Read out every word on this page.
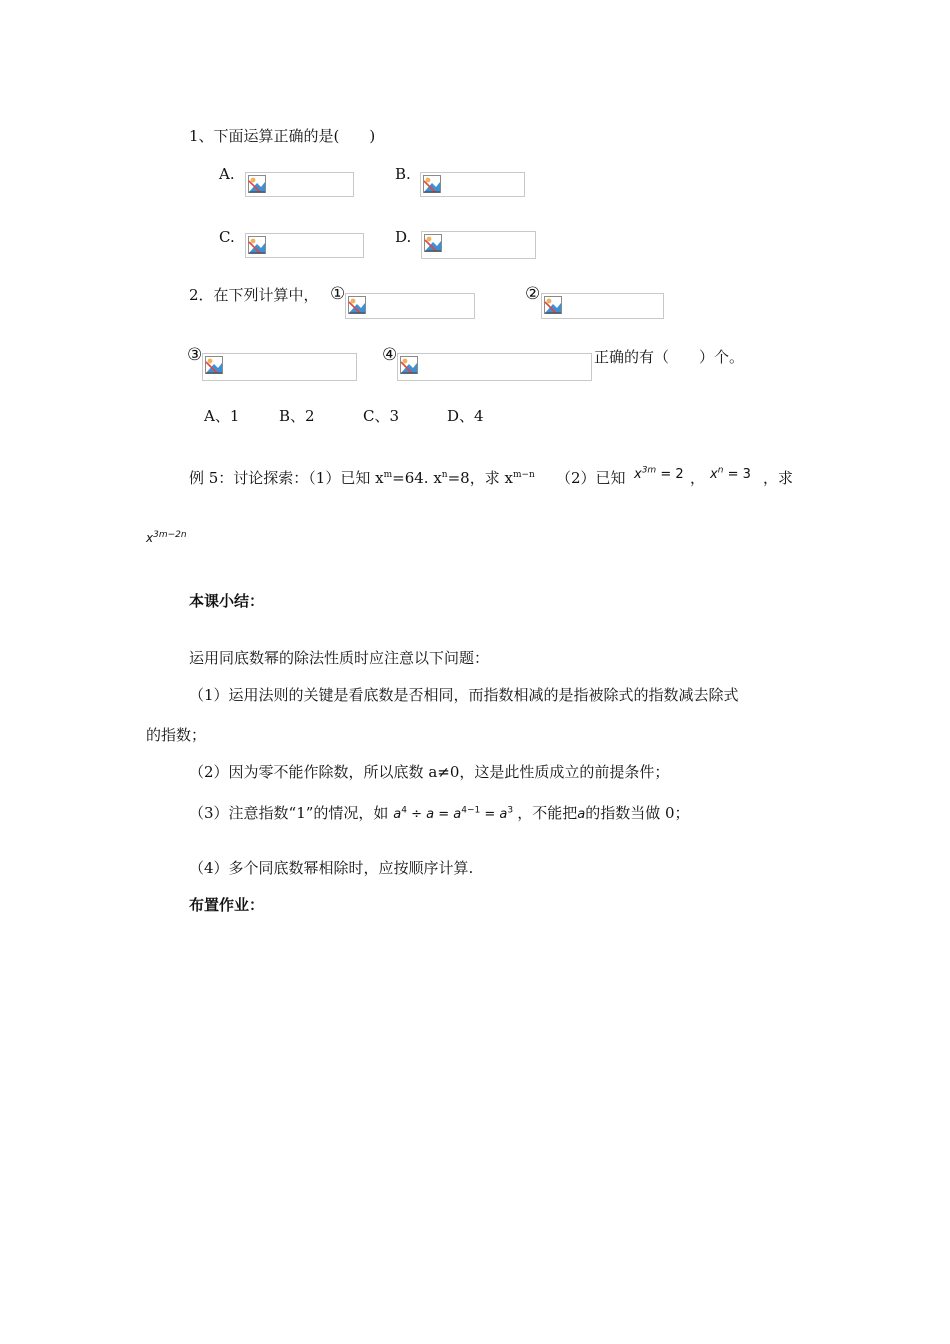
1、下面运算正确的是(　　)
A.	B.
C.	D.
2．在下列计算中， ①	②
③	④	正确的有（　　）个。
A、1	B、2	C、3	D、4
例 5：讨论探索：（1）已知 $x^m=64$. $x^n=8$，求 $x^{m-n}$ （2）已知 $x^{3m} = 2$ ， $x^n = 3$ ，求
$x^{3m-2n}$
本课小结：
运用同底数幂的除法性质时应注意以下问题：
（1）运用法则的关键是看底数是否相同，而指数相减的是指被除式的指数减去除式
的指数；
（2）因为零不能作除数，所以底数 a≠0，这是此性质成立的前提条件；
（3）注意指数“1”的情况，如 $a^4 \div a = a^{4-1} = a^3$ ，不能把a的指数当做 0；
（4）多个同底数幂相除时，应按顺序计算.
布置作业：
